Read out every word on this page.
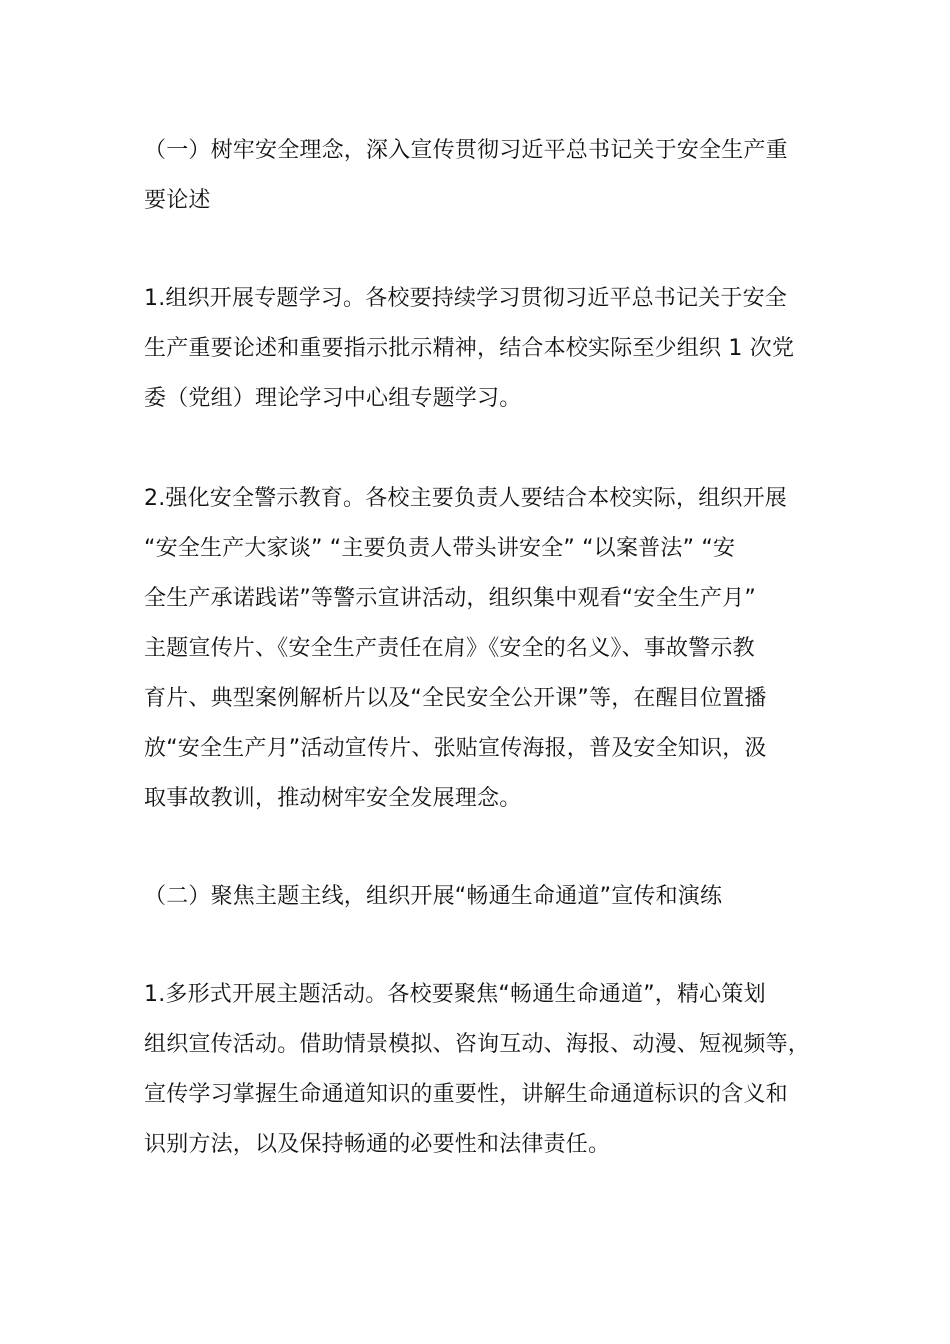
（一）树牢安全理念，深入宣传贯彻习近平总书记关于安全生产重
要论述
1.组织开展专题学习。各校要持续学习贯彻习近平总书记关于安全
生产重要论述和重要指示批示精神，结合本校实际至少组织 1 次党
委（党组）理论学习中心组专题学习。
2.强化安全警示教育。各校主要负责人要结合本校实际，组织开展
“安全生产大家谈” “主要负责人带头讲安全” “以案普法” “安
全生产承诺践诺”等警示宣讲活动，组织集中观看“安全生产月”
主题宣传片、《安全生产责任在肩》《安全的名义》、事故警示教
育片、典型案例解析片以及“全民安全公开课”等，在醒目位置播
放“安全生产月”活动宣传片、张贴宣传海报，普及安全知识，汲
取事故教训，推动树牢安全发展理念。
（二）聚焦主题主线，组织开展“畅通生命通道”宣传和演练
1.多形式开展主题活动。各校要聚焦“畅通生命通道”，精心策划
组织宣传活动。借助情景模拟、咨询互动、海报、动漫、短视频等，
宣传学习掌握生命通道知识的重要性，讲解生命通道标识的含义和
识别方法，以及保持畅通的必要性和法律责任。
